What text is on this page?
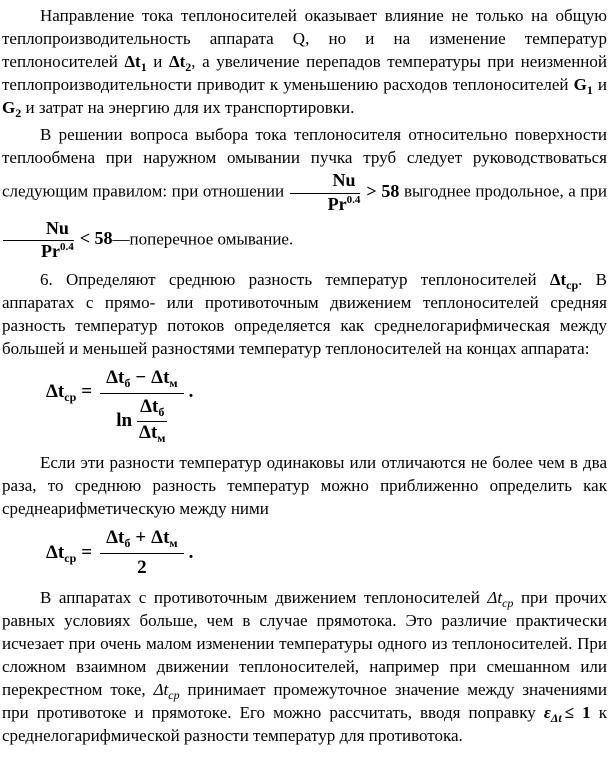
Направление тока теплоносителей оказывает влияние не только на общую теплопроизводительность аппарата Q, но и на изменение температур теплоносителей $\Delta t_1$ и $\Delta t_2$, а увеличение перепадов температуры при неизменной теплопроизводительности приводит к уменьшению расходов теплоносителей $G_1$ и $G_2$ и затрат на энергию для их транспортировки.

В решении вопроса выбора тока теплоносителя относительно поверхности теплообмена при наружном омывании пучка труб следует руководствоваться следующим правилом: при отношении $\frac{Nu}{Pr^{0.4}} > 58$ выгоднее продольное, а при
$\frac{Nu}{Pr^{0.4}}$ < 58—поперечное омывание.

6. Определяют среднюю разность температур теплоносителей $\Delta t_{ср}$. В аппаратах с прямо- или противоточным движением теплоносителей средняя разность температур потоков определяется как среднелогарифмическая между большей и меньшей разностями температур теплоносителей на концах аппарата:

$\Delta t_{ср}$ =
$\Delta t_б - \Delta t_м$
ln
$\Delta t_б$
$\Delta t_м$
.

Если эти разности температур одинаковы или отличаются не более чем в два раза, то среднюю разность температур можно приближенно определить как среднеарифметическую между ними

$\Delta t_{ср}$ =
$\Delta t_б + \Delta t_м$
2
.

В аппаратах с противоточным движением теплоносителей $\Delta t_{ср}$ при прочих равных условиях больше, чем в случае прямотока. Это различие практически исчезает при очень малом изменении температуры одного из теплоносителей. При сложном взаимном движении теплоносителей, например при смешанном или перекрестном токе, $\Delta t_{ср}$ принимает промежуточное значение между значениями при противотоке и прямотоке. Его можно рассчитать, вводя поправку $\varepsilon_{\Delta t} \le 1$ к среднелогарифмической разности температур для противотока.
